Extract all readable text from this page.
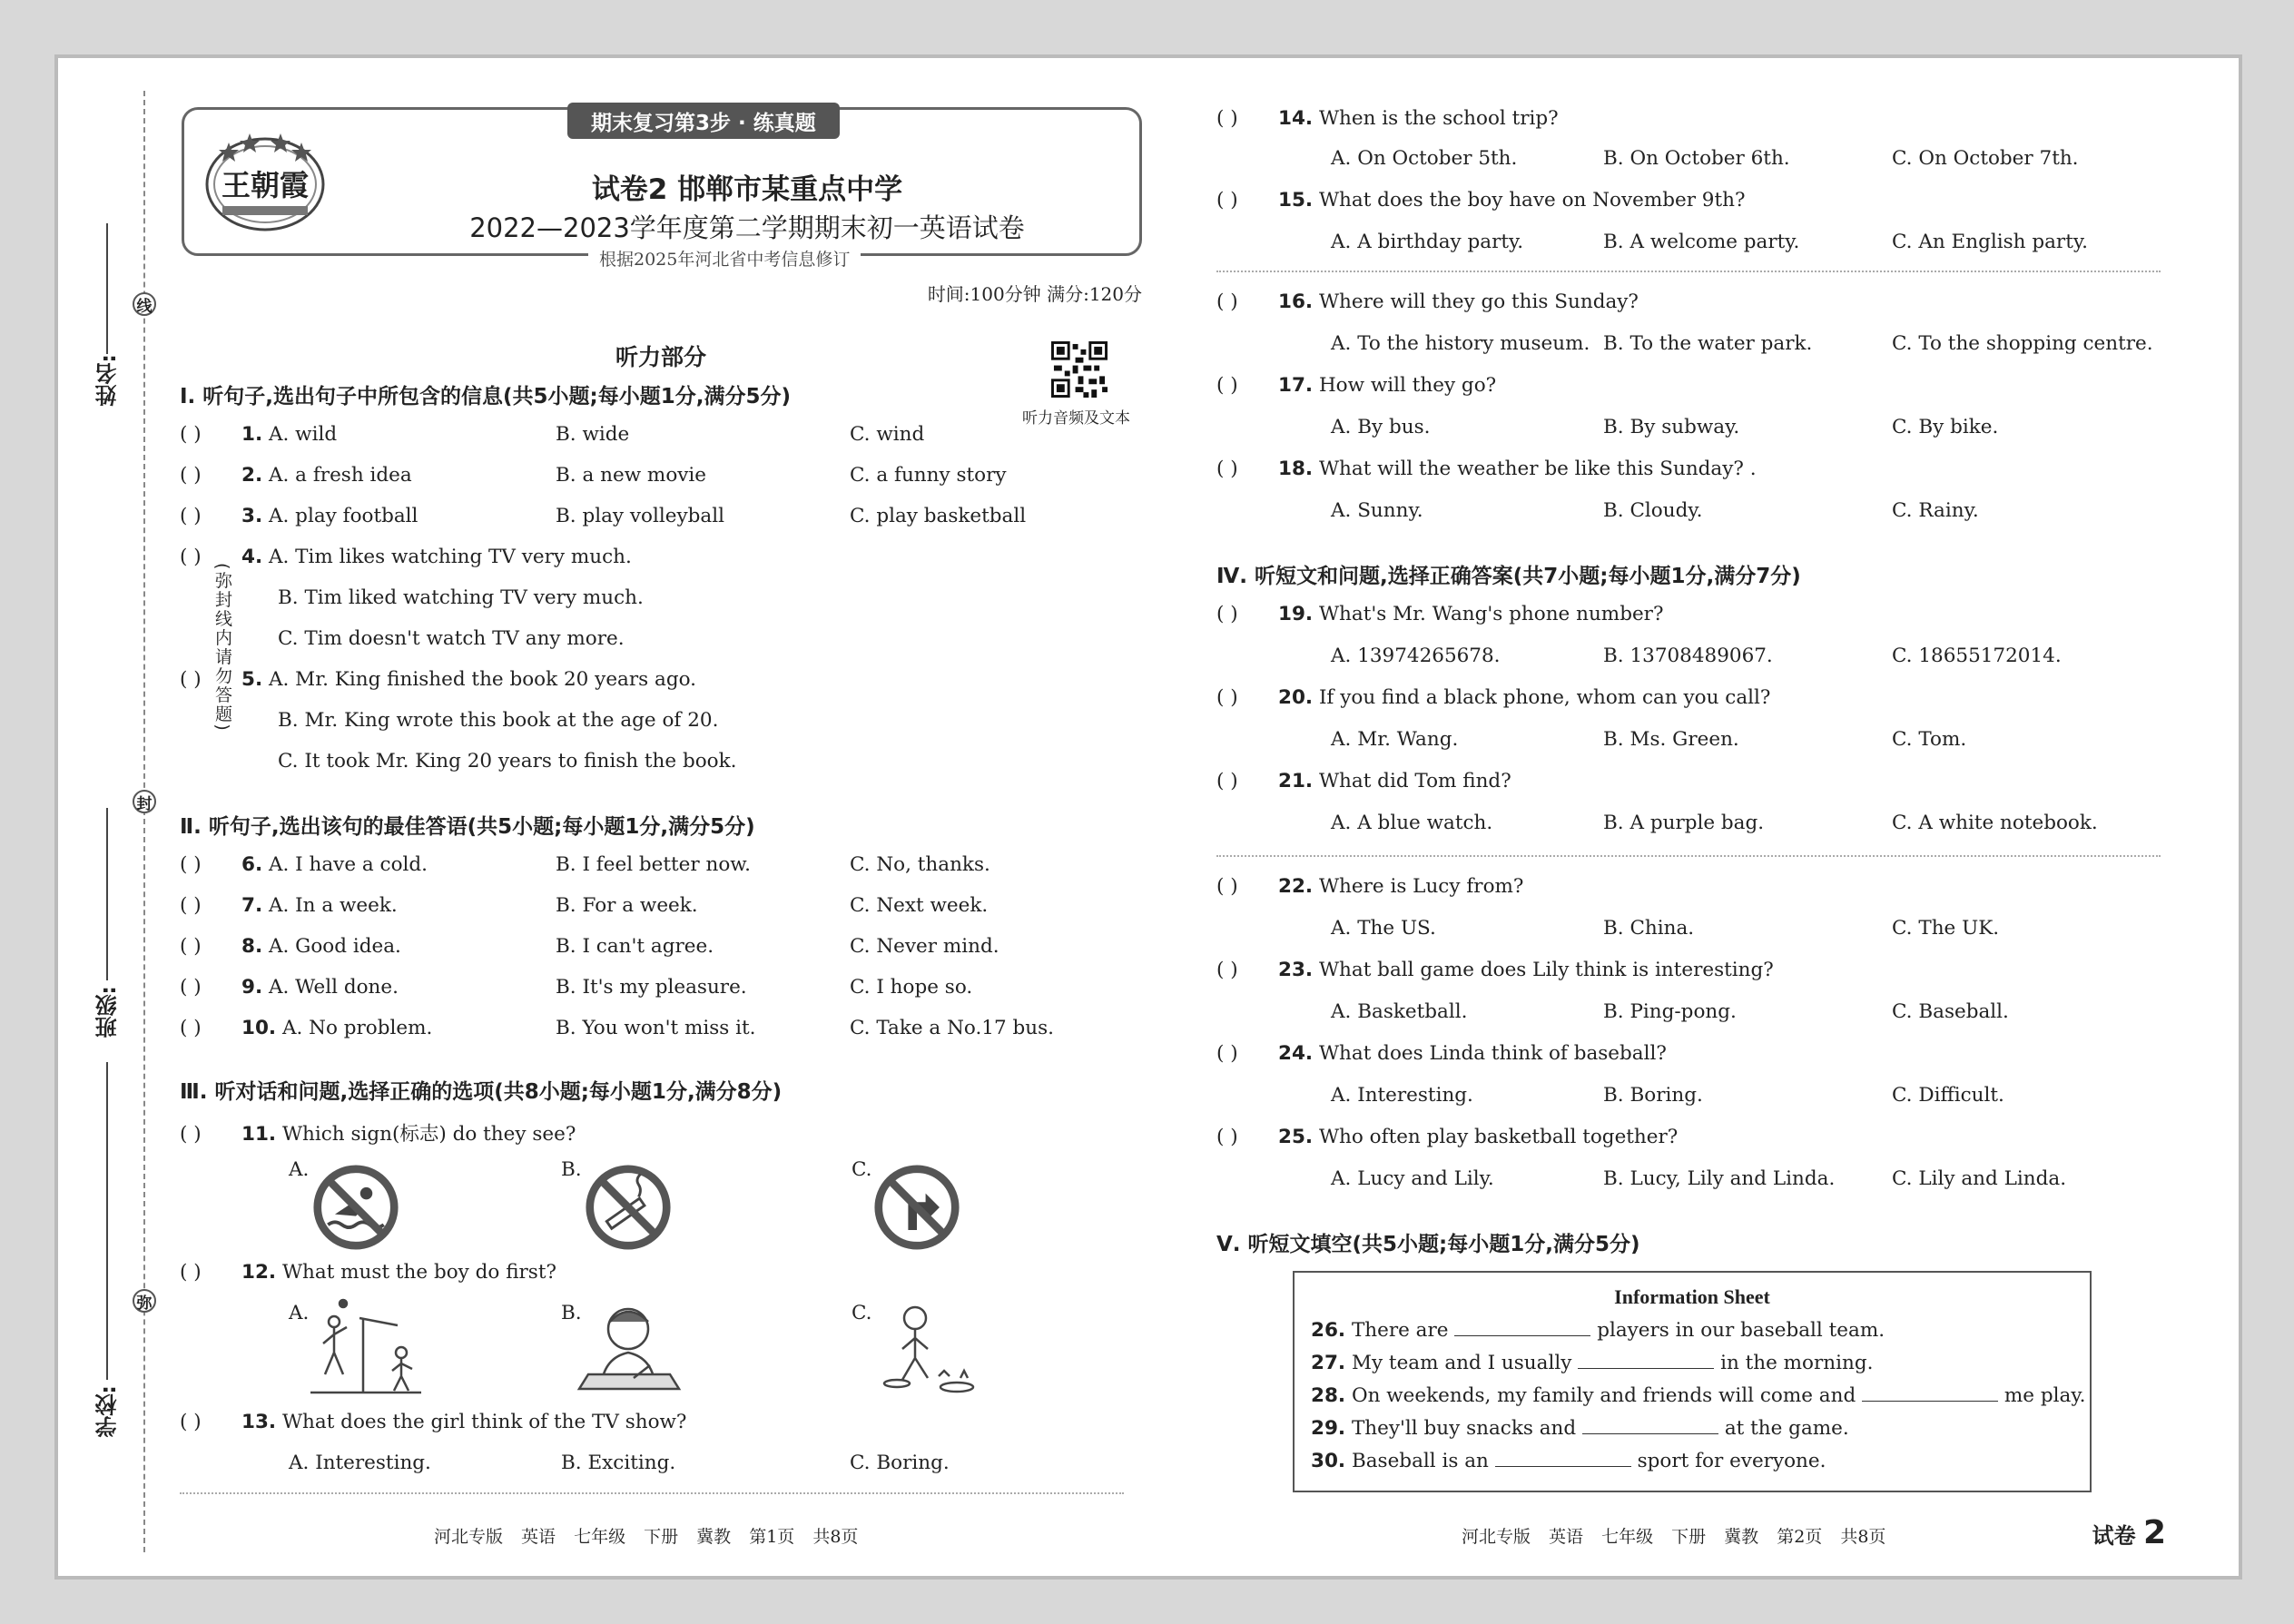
线
封
弥
(弥封线内请勿答题)
姓名:
班级:
学校:
期末复习第3步 · 练真题
王朝霞	试卷2 邯郸市某重点中学
2022—2023学年度第二学期期末初一英语试卷
根据2025年河北省中考信息修订
时间:100分钟 满分:120分
听力部分
听力音频及文本
Ⅰ. 听句子,选出句子中所包含的信息(共5小题;每小题1分,满分5分)
( ) 1. A. wild	B. wide	C. wind
( ) 2. A. a fresh idea	B. a new movie	C. a funny story
( ) 3. A. play football	B. play volleyball	C. play basketball
( ) 4. A. Tim likes watching TV very much.
B. Tim liked watching TV very much.
C. Tim doesn't watch TV any more.
( ) 5. A. Mr. King finished the book 20 years ago.
B. Mr. King wrote this book at the age of 20.
C. It took Mr. King 20 years to finish the book.
Ⅱ. 听句子,选出该句的最佳答语(共5小题;每小题1分,满分5分)
( ) 6. A. I have a cold.	B. I feel better now.	C. No, thanks.
( ) 7. A. In a week.	B. For a week.	C. Next week.
( ) 8. A. Good idea.	B. I can't agree.	C. Never mind.
( ) 9. A. Well done.	B. It's my pleasure.	C. I hope so.
( ) 10. A. No problem.	B. You won't miss it.	C. Take a No.17 bus.
Ⅲ. 听对话和问题,选择正确的选项(共8小题;每小题1分,满分8分)
( ) 11. Which sign(标志) do they see?
A.	B.	C.
( ) 12. What must the boy do first?
A.	B.	C.
( ) 13. What does the girl think of the TV show?
A. Interesting.	B. Exciting.	C. Boring.
河北专版 英语 七年级 下册 冀教 第1页 共8页
( ) 14. When is the school trip?
A. On October 5th.	B. On October 6th.	C. On October 7th.
( ) 15. What does the boy have on November 9th?
A. A birthday party.	B. A welcome party.	C. An English party.
( ) 16. Where will they go this Sunday?
A. To the history museum. B. To the water park.	C. To the shopping centre.
( ) 17. How will they go?
A. By bus.	B. By subway.	C. By bike.
( ) 18. What will the weather be like this Sunday? .
A. Sunny.	B. Cloudy.	C. Rainy.
Ⅳ. 听短文和问题,选择正确答案(共7小题;每小题1分,满分7分)
( ) 19. What's Mr. Wang's phone number?
A. 13974265678.	B. 13708489067.	C. 18655172014.
( ) 20. If you find a black phone, whom can you call?
A. Mr. Wang.	B. Ms. Green.	C. Tom.
( ) 21. What did Tom find?
A. A blue watch.	B. A purple bag.	C. A white notebook.
( ) 22. Where is Lucy from?
A. The US.	B. China.	C. The UK.
( ) 23. What ball game does Lily think is interesting?
A. Basketball.	B. Ping-pong.	C. Baseball.
( ) 24. What does Linda think of baseball?
A. Interesting.	B. Boring.	C. Difficult.
( ) 25. Who often play basketball together?
A. Lucy and Lily.	B. Lucy, Lily and Linda.	C. Lily and Linda.
Ⅴ. 听短文填空(共5小题;每小题1分,满分5分)
Information Sheet
26. There are	players in our baseball team.
27. My team and I usually	in the morning.
28. On weekends, my family and friends will come and	me play.
29. They'll buy snacks and	at the game.
30. Baseball is an	sport for everyone.
河北专版 英语 七年级 下册 冀教 第2页 共8页	试卷 2
